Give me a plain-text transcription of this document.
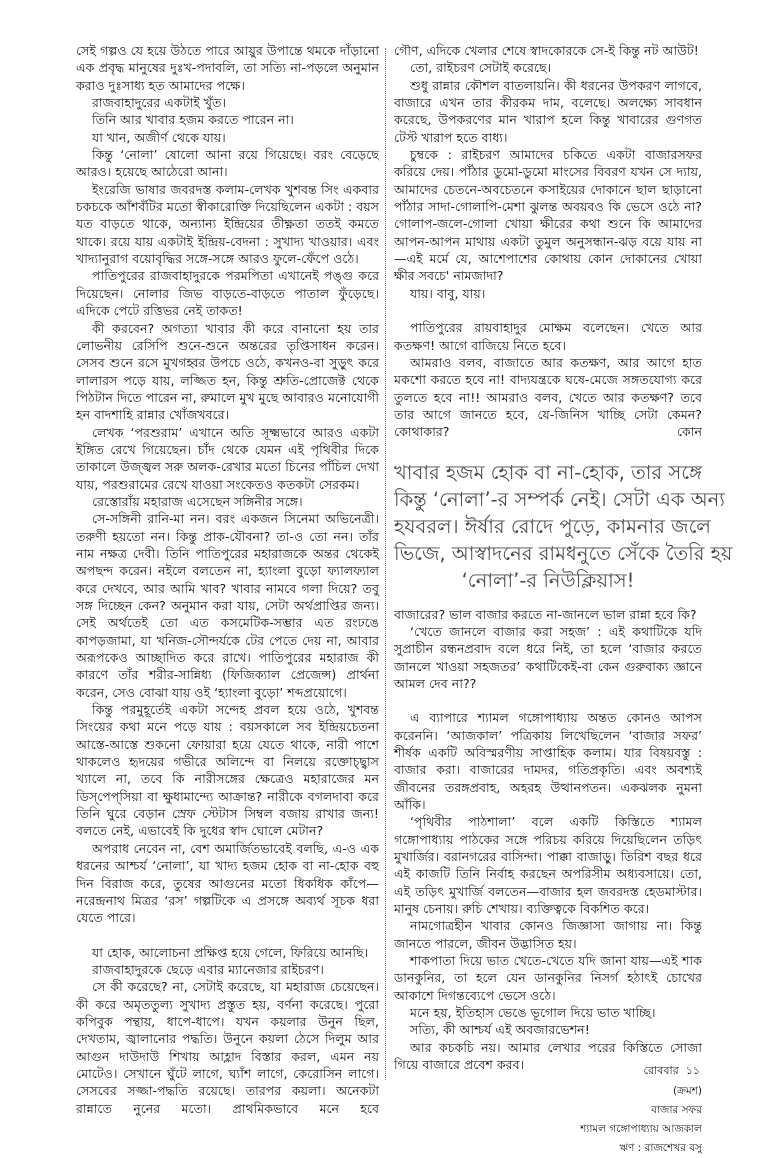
সেই গল্পও যে হয়ে উঠতে পারে আয়ুর উপান্তে থমকে দাঁড়ানো এক প্রবৃদ্ধ মানুষের দুঃখ-পদাবলি, তা সত্যি না-পড়লে অনুমান করাও দুঃসাধ্য হত আমাদের পক্ষে।

রাজবাহাদুরের একটাই খুঁত।

তিনি আর খাবার হজম করতে পারেন না।

যা খান, অজীর্ণ থেকে যায়।

কিন্তু ‘নোলা’ ষোলো আনা রয়ে গিয়েছে। বরং বেড়েছে আরও। হয়েছে আঠেরো আনা।

ইংরেজি ভাষার জবরদস্ত কলাম-লেখক খুশবন্ত সিং একবার চকচকে আঁশবঁটির মতো স্বীকারোক্তি দিয়েছিলেন একটা : বয়স যত বাড়তে থাকে, অন্যান্য ইন্দ্রিয়ের তীক্ষ্ণতা ততই কমতে থাকে। রয়ে যায় একটাই ইন্দ্রিয়-বেদনা : সুখাদ্য খাওয়ার। এবং খাদ্যানুরাগ বয়োবৃদ্ধির সঙ্গে-সঙ্গে আরও ফুলে-ফেঁপে ওঠে।

পাতিপুরের রাজবাহাদুরকে পরমপিতা এখানেই পঙ্গু করে দিয়েছেন। নোলার জিভ বাড়তে-বাড়তে পাতাল ফুঁড়েছে। এদিকে পেটে রত্তিভর নেই তাকত!

কী করবেন? অগত্যা খাবার কী করে বানানো হয় তার লোভনীয় রেসিপি শুনে-শুনে অন্তরের তৃপ্তিসাধন করেন। সেসব শুনে রসে মুখগহ্বর উপচে ওঠে, কখনও-বা সুড়ুৎ করে লালারস পড়ে যায়, লজ্জিত হন, কিন্তু শ্রুতি-প্রোজেক্ট থেকে পিঠটান দিতে পারেন না, রুমালে মুখ মুছে আবারও মনোযোগী হন বাদশাহি রান্নার খোঁজখবরে।

লেখক ‘পরশুরাম’ এখানে অতি সূক্ষ্মভাবে আরও একটা ইঙ্গিত রেখে গিয়েছেন। চাঁদ থেকে যেমন এই পৃথিবীর দিকে তাকালে উজ্জ্বল সরু অলক-রেখার মতো চিনের পাঁচিল দেখা যায়, পরশুরামের রেখে যাওয়া সংকেতও কতকটা সেরকম।

রেস্তোরাঁয় মহারাজ এসেছেন সঙ্গিনীর সঙ্গে।

সে-সঙ্গিনী রানি-মা নন। বরং একজন সিনেমা অভিনেত্রী। তরুণী হয়তো নন। কিন্তু প্রাক-যৌবনা? তা-ও তো নন। তাঁর নাম নক্ষত্র দেবী। তিনি পাতিপুরের মহারাজকে অন্তর থেকেই অপছন্দ করেন। নইলে বলতেন না, হ্যাংলা বুড়ো ফ্যালফ্যাল করে দেখবে, আর আমি খাব? খাবার নামবে গলা দিয়ে? তবু সঙ্গ দিচ্ছেন কেন? অনুমান করা যায়, সেটা অর্থপ্রাপ্তির জন্য। সেই অর্থতেই তো এত কসমেটিক-সম্ভার এত রংঢঙে কাপড়জামা, যা খনিজ-সৌন্দর্যকে টের পেতে দেয় না, আবার অরূপকেও আচ্ছাদিত করে রাখে। পাতিপুরের মহারাজ কী কারণে তাঁর শরীর-সান্নিধ্য (ফিজিক্যাল প্রেজেন্স) প্রার্থনা করেন, সেও বোঝা যায় ওই ‘হ্যাংলা বুড়ো’ শব্দপ্রয়োগে।

কিন্তু পরমুহূর্তেই একটা সন্দেহ প্রবল হয়ে ওঠে, খুশবন্ত সিংয়ের কথা মনে পড়ে যায় : বয়সকালে সব ইন্দ্রিয়চেতনা আস্তে-আস্তে শুকনো ফোয়ারা হয়ে যেতে থাকে, নারী পাশে থাকলেও হৃদয়ের গভীরে অলিন্দে বা নিলয়ে রক্তোচ্ছ্বাস খ্যালে না, তবে কি নারীসঙ্গের ক্ষেত্রেও মহারাজের মন ডিস্‌পেপ্‌সিয়া বা ক্ষুধামান্দ্যে আক্রান্ত? নারীকে বগলদাবা করে তিনি ঘুরে বেড়ান স্রেফ স্টেটাস সিম্বল বজায় রাখার জন্য! বলতে নেই, এভাবেই কি দুধের স্বাদ ঘোলে মেটান?

অপরাধ নেবেন না, বেশ অমার্জিতভাবেই বলছি, এ-ও এক ধরনের আশ্চর্য ‘নোলা’, যা খাদ্য হজম হোক বা না-হোক বহু দিন বিরাজ করে, তুষের আগুনের মতো ধিকধিক কাঁপে—নরেন্দ্রনাথ মিত্রর ‘রস’ গল্পটিকে এ প্রসঙ্গে অব্যর্থ সূচক ধরা যেতে পারে।

যা হোক, আলোচনা প্রক্ষিপ্ত হয়ে গেলে, ফিরিয়ে আনছি।

রাজবাহাদুরকে ছেড়ে এবার ম্যানেজার রাইচরণ।

সে কী করেছে? না, সেটাই করেছে, যা মহারাজ চেয়েছেন। কী করে অমৃততুল্য সুখাদ্য প্রস্তুত হয়, বর্ণনা করেছে। পুরো কপিবুক পন্থায়, ধাপে-ধাপে। যখন কয়লার উনুন ছিল, দেখতাম, জ্বালানোর পদ্ধতি। উনুনে কয়লা ঠেসে দিলুম আর আগুন দাউদাউ শিখায় আহ্লাদ বিস্তার করল, এমন নয় মোটেও। সেখানে ঘুঁটে লাগে, ঘ্যাঁশ লাগে, কেরোসিন লাগে। সেসবের সজ্জা-পদ্ধতি রয়েছে। তারপর কয়লা। অনেকটা রান্নাতে নুনের মতো। প্রাথমিকভাবে মনে হবে

গৌণ, এদিকে খেলার শেষে স্বাদকোরকে সে-ই কিন্তু নট আউট!

তো, রাইচরণ সেটাই করেছে।

শুধু রান্নার কৌশল বাতলায়নি। কী ধরনের উপকরণ লাগবে, বাজারে এখন তার কীরকম দাম, বলেছে। অলক্ষ্যে সাবধান করেছে, উপকরণের মান খারাপ হলে কিন্তু খাবারের গুণগত টেস্ট খারাপ হতে বাধ্য।

চুম্বকে : রাইচরণ আমাদের চকিতে একটা বাজারসফর করিয়ে দেয়। পাঁঠার ডুমো-ডুমো মাংসের বিবরণ যখন সে দ্যায়, আমাদের চেতনে-অবচেতনে কসাইয়ের দোকানে ছাল ছাড়ানো পাঁঠার সাদা-গোলাপি-মেশা ঝুলন্ত অবয়বও কি ভেসে ওঠে না? গোলাপ-জলে-গোলা খোয়া ক্ষীরের কথা শুনে কি আমাদের আপন-আপন মাথায় একটা তুমুল অনুসন্ধান-ঝড় বয়ে যায় না—এই মর্মে যে, আশেপাশের কোথায় কোন দোকানের খোয়া ক্ষীর সবচে' নামজাদা?

যায়। বাবু, যায়।

পাতিপুরের রায়বাহাদুর মোক্ষম বলেছেন। খেতে আর কতক্ষণ! আগে বাজিয়ে নিতে হবে।

আমরাও বলব, বাজাতে আর কতক্ষণ, আর আগে হাত মকশো করতে হবে না! বাদ্যযন্ত্রকে ঘষে-মেজে সঙ্গতযোগ্য করে তুলতে হবে না!! আমরাও বলব, খেতে আর কতক্ষণ? তবে তার আগে জানতে হবে, যে-জিনিস খাচ্ছি সেটা কেমন? কোথাকার? কোন

খাবার হজম হোক বা না-হোক, তার সঙ্গে
কিন্তু ‘নোলা’-র সম্পর্ক নেই। সেটা এক অন্য
হযবরল। ঈর্ষার রোদে পুড়ে, কামনার জলে
ভিজে, আস্বাদনের রামধনুতে সেঁকে তৈরি হয়
‘নোলা’-র নিউক্লিয়াস!

বাজারের? ভাল বাজার করতে না-জানলে ভাল রান্না হবে কি?

‘খেতে জানলে বাজার করা সহজ’ : এই কথাটিকে যদি সুপ্রাচীন রন্ধনপ্রবাদ বলে ধরে নিই, তা হলে ‘বাজার করতে জানলে খাওয়া সহজতর’ কথাটিকেই-বা কেন গুরুবাক্য জ্ঞানে আমল দেব না??

এ ব্যাপারে শ্যামল গঙ্গোপাধ্যায় অন্তত কোনও আপস করেননি। ‘আজকাল’ পত্রিকায় লিখেছিলেন ‘বাজার সফর’ শীর্ষক একটি অবিস্মরণীয় সাপ্তাহিক কলাম। যার বিষয়বস্তু : বাজার করা। বাজারের দামদর, গতিপ্রকৃতি। এবং অবশ্যই জীবনের তরঙ্গপ্রবাহ, অহরহ উত্থানপতন। একঝলক নুমনা আঁকি।

‘পৃথিবীর পাঠশালা’ বলে একটি কিস্তিতে শ্যামল গঙ্গোপাধ্যায় পাঠকের সঙ্গে পরিচয় করিয়ে দিয়েছিলেন তড়িৎ মুখার্জির। বরানগরের বাসিন্দা। পাক্কা বাজাড়ু। তিরিশ বছর ধরে এই কাজটি তিনি নির্বাহ করছেন অপরিসীম অধ্যবসায়ে। তো, এই তড়িৎ মুখার্জি বলতেন—বাজার হল জবরদস্ত হেডমাস্টার। মানুষ চেনায়। রুচি শেখায়। ব্যক্তিত্বকে বিকশিত করে।

নামগোত্রহীন খাবার কোনও জিজ্ঞাসা জাগায় না। কিন্তু জানতে পারলে, জীবন উদ্ভাসিত হয়।

শাকপাতা দিয়ে ভাত খেতে-খেতে যদি জানা যায়—এই শাক ডানকুনির, তা হলে যেন ডানকুনির নিসর্গ হঠাৎই চোখের আকাশে দিগন্তব্যেপে ভেসে ওঠে।

মনে হয়, ইতিহাস ভেঙে ভূগোল দিয়ে ভাত খাচ্ছি।

সত্যি, কী আশ্চর্য এই অবজারভেশন!

আর কচকচি নয়। আমার লেখার পরের কিস্তিতে সোজা গিয়ে বাজারে প্রবেশ করব।

(ক্রমশ)
বাজার সফর
শ্যামল গঙ্গোপাধ্যায় আজকাল
ঋণ : রাজশেখর বসু
রোববার ১১
